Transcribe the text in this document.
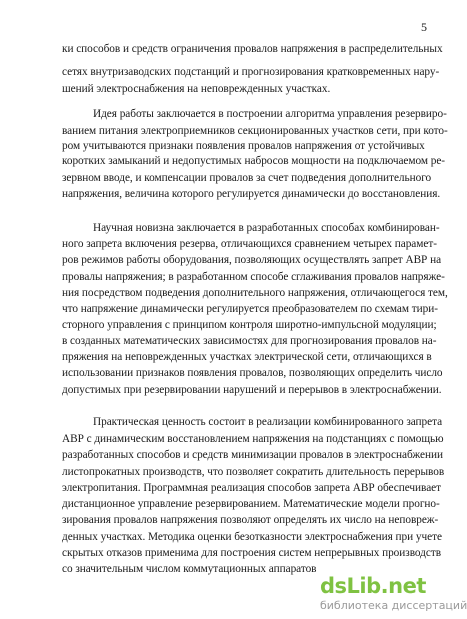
5
ки способов и средств ограничения провалов напряжения в распределительных
сетях внутризаводских подстанций и прогнозирования кратковременных нару-
шений электроснабжения на неповрежденных участках.
Идея работы заключается в построении алгоритма управления резервиро-
ванием питания электроприемников секционированных участков сети, при кото-
ром учитываются признаки появления провалов напряжения от устойчивых
коротких замыканий и недопустимых набросов мощности на подключаемом ре-
зервном вводе, и компенсации провалов за счет подведения дополнительного
напряжения, величина которого регулируется динамически до восстановления.
Научная новизна заключается в разработанных способах комбинирован-
ного запрета включения резерва, отличающихся сравнением четырех парамет-
ров режимов работы оборудования, позволяющих осуществлять запрет АВР на
провалы напряжения; в разработанном способе сглаживания провалов напряже-
ния посредством подведения дополнительного напряжения, отличающегося тем,
что напряжение динамически регулируется преобразователем по схемам тири-
сторного управления с принципом контроля широтно-импульсной модуляции;
в созданных математических зависимостях для прогнозирования провалов на-
пряжения на неповрежденных участках электрической сети, отличающихся в
использовании признаков появления провалов, позволяющих определить число
допустимых при резервировании нарушений и перерывов в электроснабжении.
Практическая ценность состоит в реализации комбинированного запрета
АВР с динамическим восстановлением напряжения на подстанциях с помощью
разработанных способов и средств минимизации провалов в электроснабжении
листопрокатных производств, что позволяет сократить длительность перерывов
электропитания. Программная реализация способов запрета АВР обеспечивает
дистанционное управление резервированием. Математические модели прогно-
зирования провалов напряжения позволяют определять их число на неповреж-
денных участках. Методика оценки безотказности электроснабжения при учете
скрытых отказов применима для построения систем непрерывных производств
со значительным числом коммутационных аппаратов
dsLib.net
библиотека диссертаций
